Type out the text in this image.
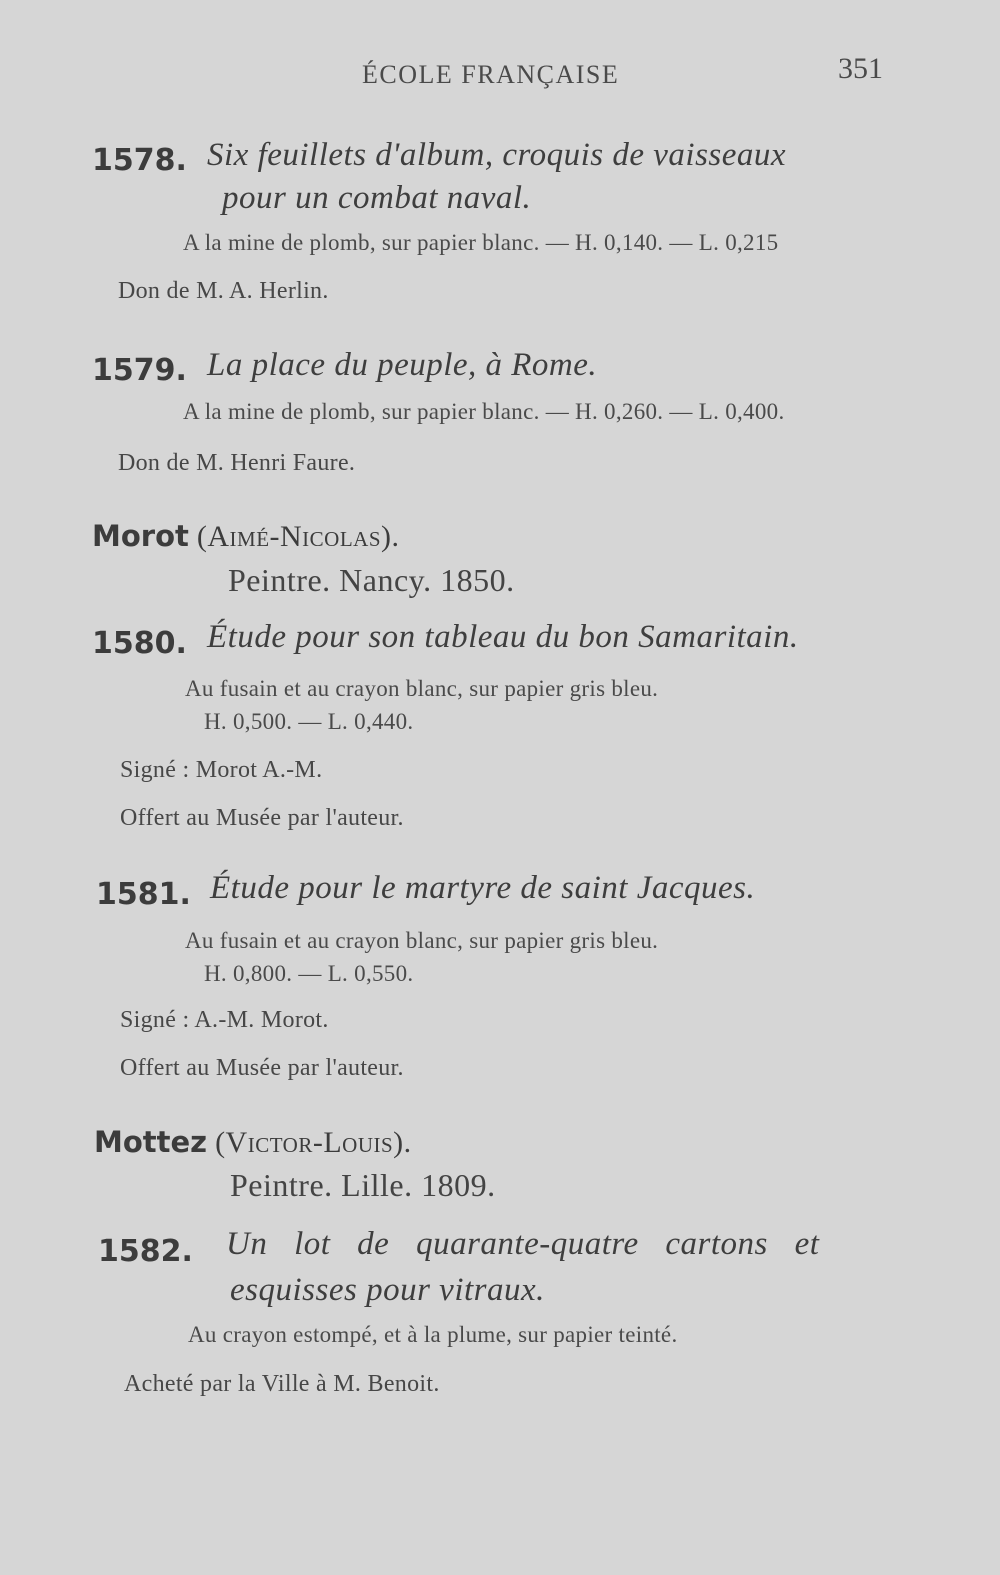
ÉCOLE FRANÇAISE	351
1578. Six feuillets d'album, croquis de vaisseaux
pour un combat naval.
A la mine de plomb, sur papier blanc. — H. 0,140. — L. 0,215
Don de M. A. Herlin.
1579. La place du peuple, à Rome.
A la mine de plomb, sur papier blanc. — H. 0,260. — L. 0,400.
Don de M. Henri Faure.
Morot (Aimé-Nicolas).
Peintre. Nancy. 1850.
1580. Étude pour son tableau du bon Samaritain.
Au fusain et au crayon blanc, sur papier gris bleu.
H. 0,500. — L. 0,440.
Signé : Morot A.-M.
Offert au Musée par l'auteur.
1581. Étude pour le martyre de saint Jacques.
Au fusain et au crayon blanc, sur papier gris bleu.
H. 0,800. — L. 0,550.
Signé : A.-M. Morot.
Offert au Musée par l'auteur.
Mottez (Victor-Louis).
Peintre. Lille. 1809.
1582. Un lot de quarante-quatre cartons et
esquisses pour vitraux.
Au crayon estompé, et à la plume, sur papier teinté.
Acheté par la Ville à M. Benoit.
